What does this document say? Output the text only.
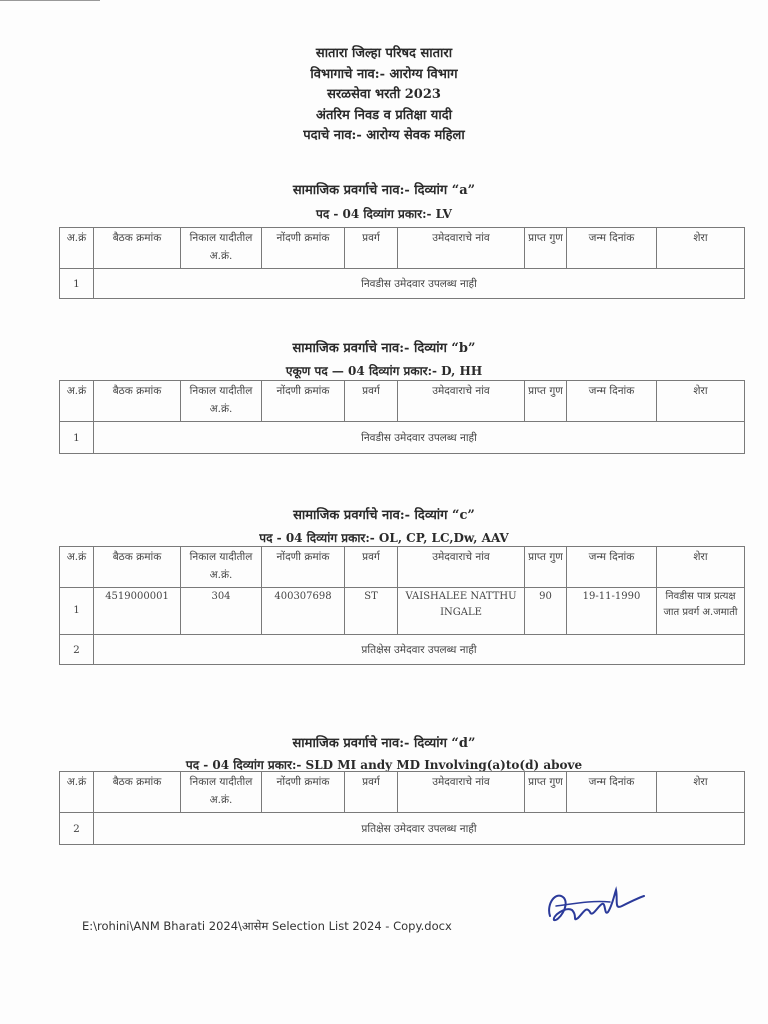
सातारा जिल्हा परिषद सातारा
विभागाचे नाव:- आरोग्य विभाग
सरळसेवा भरती 2023
अंतरिम निवड व प्रतिक्षा यादी
पदाचे नाव:- आरोग्य सेवक महिला
सामाजिक प्रवर्गाचे नाव:- दिव्यांग “a”
पद - 04 दिव्यांग प्रकार:- LV
अ.क्रं	बैठक क्रमांक	निकाल यादीतील अ.क्रं.	नोंदणी क्रमांक	प्रवर्ग	उमेदवाराचे नांव	प्राप्त गुण	जन्म दिनांक	शेरा
1	निवडीस उमेदवार उपलब्ध नाही							
सामाजिक प्रवर्गाचे नाव:- दिव्यांग “b”
एकूण पद — 04 दिव्यांग प्रकार:- D, HH
अ.क्रं	बैठक क्रमांक	निकाल यादीतील अ.क्रं.	नोंदणी क्रमांक	प्रवर्ग	उमेदवाराचे नांव	प्राप्त गुण	जन्म दिनांक	शेरा
1	निवडीस उमेदवार उपलब्ध नाही							
सामाजिक प्रवर्गाचे नाव:- दिव्यांग “c”
पद - 04 दिव्यांग प्रकार:- OL, CP, LC,Dw, AAV
अ.क्रं	बैठक क्रमांक	निकाल यादीतील अ.क्रं.	नोंदणी क्रमांक	प्रवर्ग	उमेदवाराचे नांव	प्राप्त गुण	जन्म दिनांक	शेरा
1	4519000001	304	400307698	ST	VAISHALEE NATTHU INGALE	90	19-11-1990	निवडीस पात्र प्रत्यक्ष जात प्रवर्ग अ.जमाती
2	प्रतिक्षेस उमेदवार उपलब्ध नाही							
सामाजिक प्रवर्गाचे नाव:- दिव्यांग “d”
पद - 04 दिव्यांग प्रकार:- SLD MI andy MD Involving(a)to(d) above
अ.क्रं	बैठक क्रमांक	निकाल यादीतील अ.क्रं.	नोंदणी क्रमांक	प्रवर्ग	उमेदवाराचे नांव	प्राप्त गुण	जन्म दिनांक	शेरा
2	प्रतिक्षेस उमेदवार उपलब्ध नाही							
E:\rohini\ANM Bharati 2024\आसेम Selection List 2024 - Copy.docx
